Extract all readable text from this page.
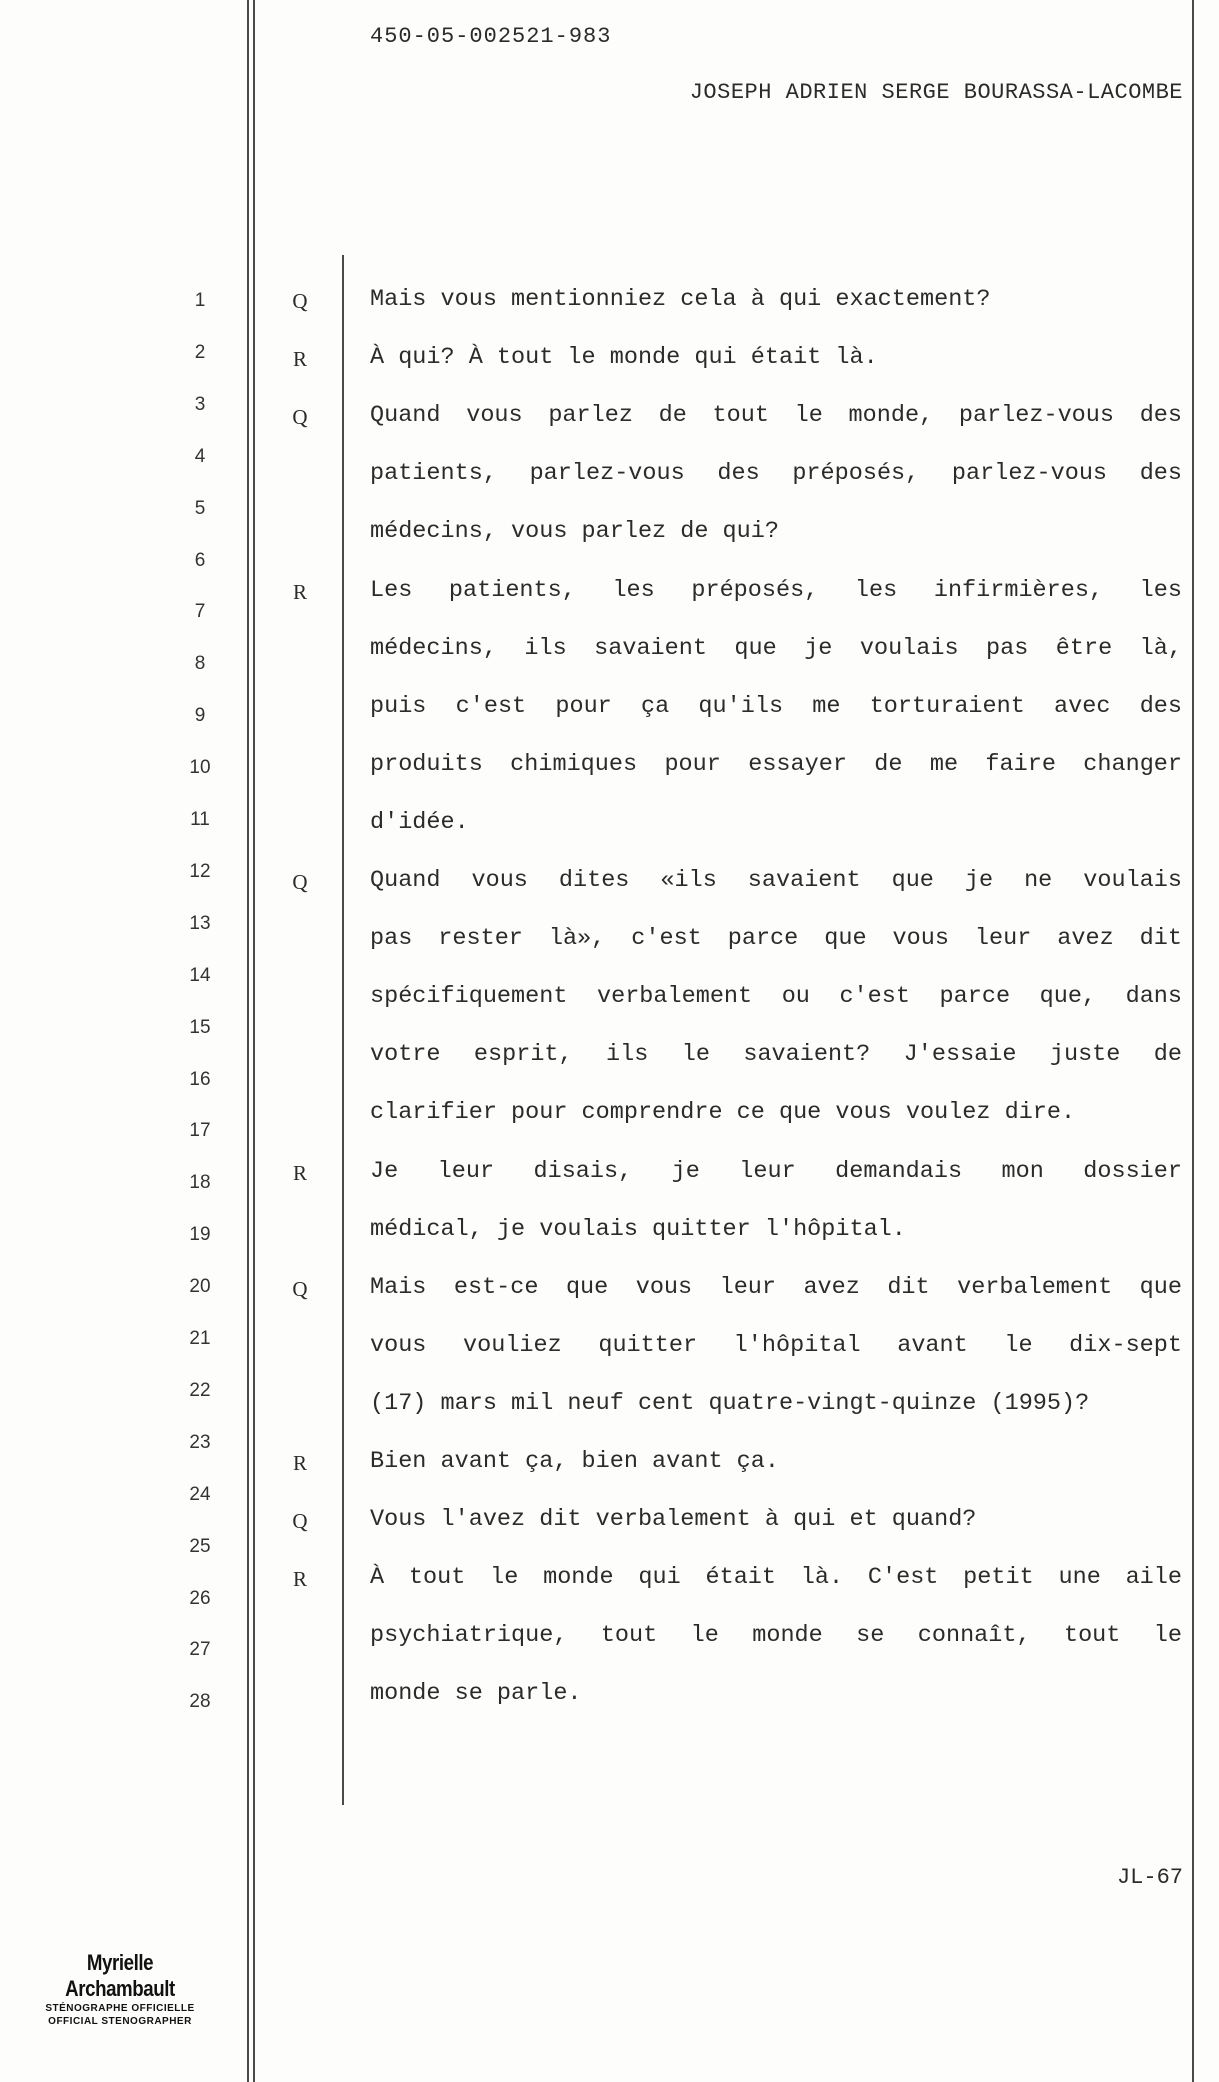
450-05-002521-983
JOSEPH ADRIEN SERGE BOURASSA-LACOMBE
1
2
3
4
5
6
7
8
9
10
11
12
13
14
15
16
17
18
19
20
21
22
23
24
25
26
27
28
Q
R
Q
R
Q
R
Q
R
Q
R
Mais vous mentionniez cela à qui exactement?
À qui? À tout le monde qui était là.
Quand vous parlez de tout le monde, parlez-vous des
patients, parlez-vous des préposés, parlez-vous des
médecins, vous parlez de qui?
Les patients, les préposés, les infirmières, les
médecins, ils savaient que je voulais pas être là,
puis c'est pour ça qu'ils me torturaient avec des
produits chimiques pour essayer de me faire changer
d'idée.
Quand vous dites «ils savaient que je ne voulais
pas rester là», c'est parce que vous leur avez dit
spécifiquement verbalement ou c'est parce que, dans
votre esprit, ils le savaient? J'essaie juste de
clarifier pour comprendre ce que vous voulez dire.
Je leur disais, je leur demandais mon dossier
médical, je voulais quitter l'hôpital.
Mais est-ce que vous leur avez dit verbalement que
vous vouliez quitter l'hôpital avant le dix-sept
(17) mars mil neuf cent quatre-vingt-quinze (1995)?
Bien avant ça, bien avant ça.
Vous l'avez dit verbalement à qui et quand?
À tout le monde qui était là. C'est petit une aile
psychiatrique, tout le monde se connaît, tout le
monde se parle.
JL-67
Myrielle Archambault
STÉNOGRAPHE OFFICIELLE
OFFICIAL STENOGRAPHER
